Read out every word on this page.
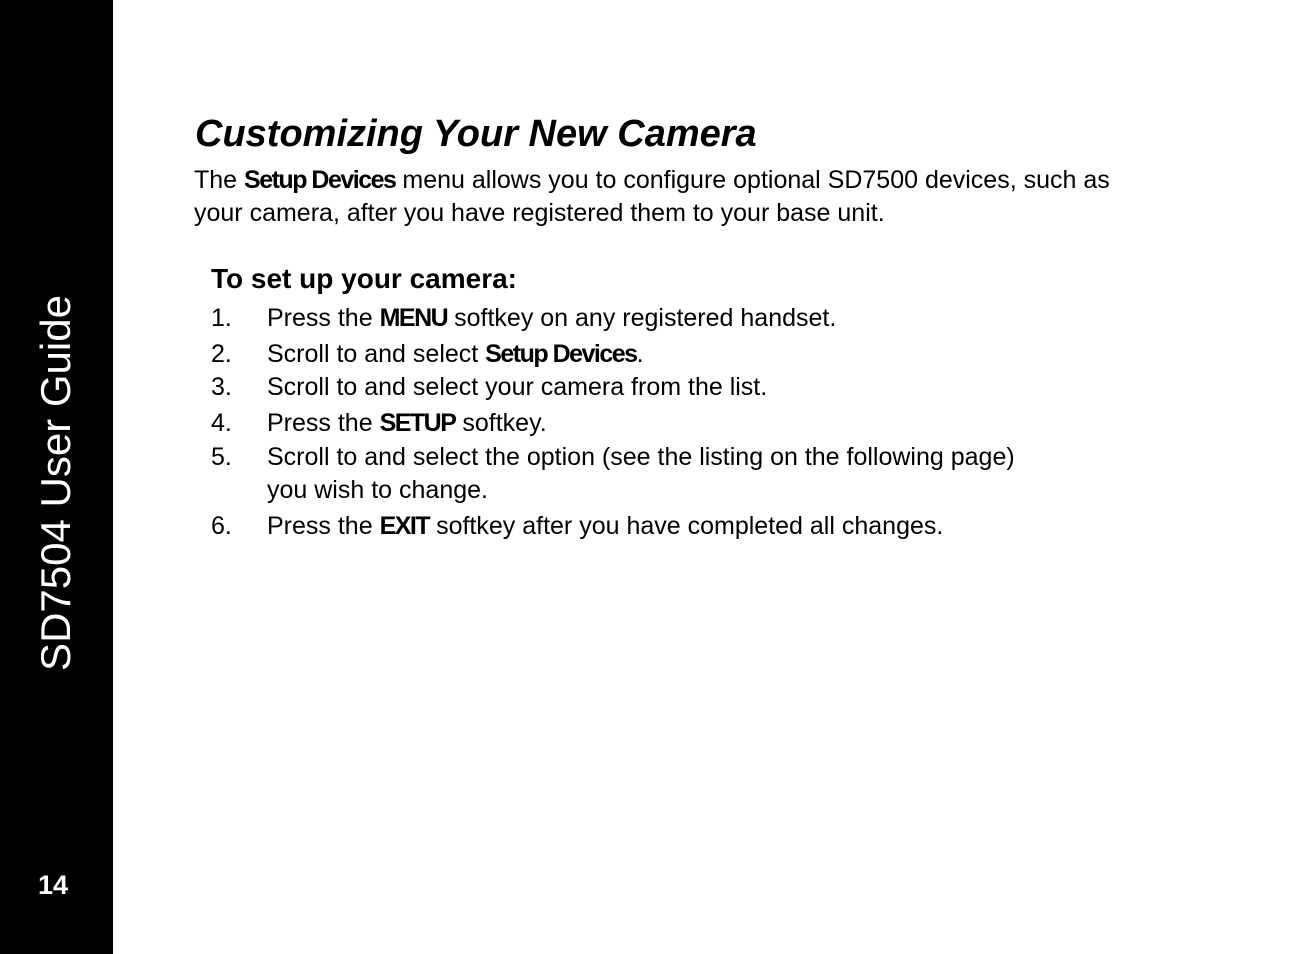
SD7504 User Guide
14
Customizing Your New Camera

The Setup Devices menu allows you to configure optional SD7500 devices, such as
your camera, after you have registered them to your base unit.

To set up your camera:
1.	Press the MENU softkey on any registered handset.
2.	Scroll to and select Setup Devices.
3.	Scroll to and select your camera from the list.
4.	Press the SETUP softkey.
5.	Scroll to and select the option (see the listing on the following page)
you wish to change.
6.	Press the EXIT softkey after you have completed all changes.
